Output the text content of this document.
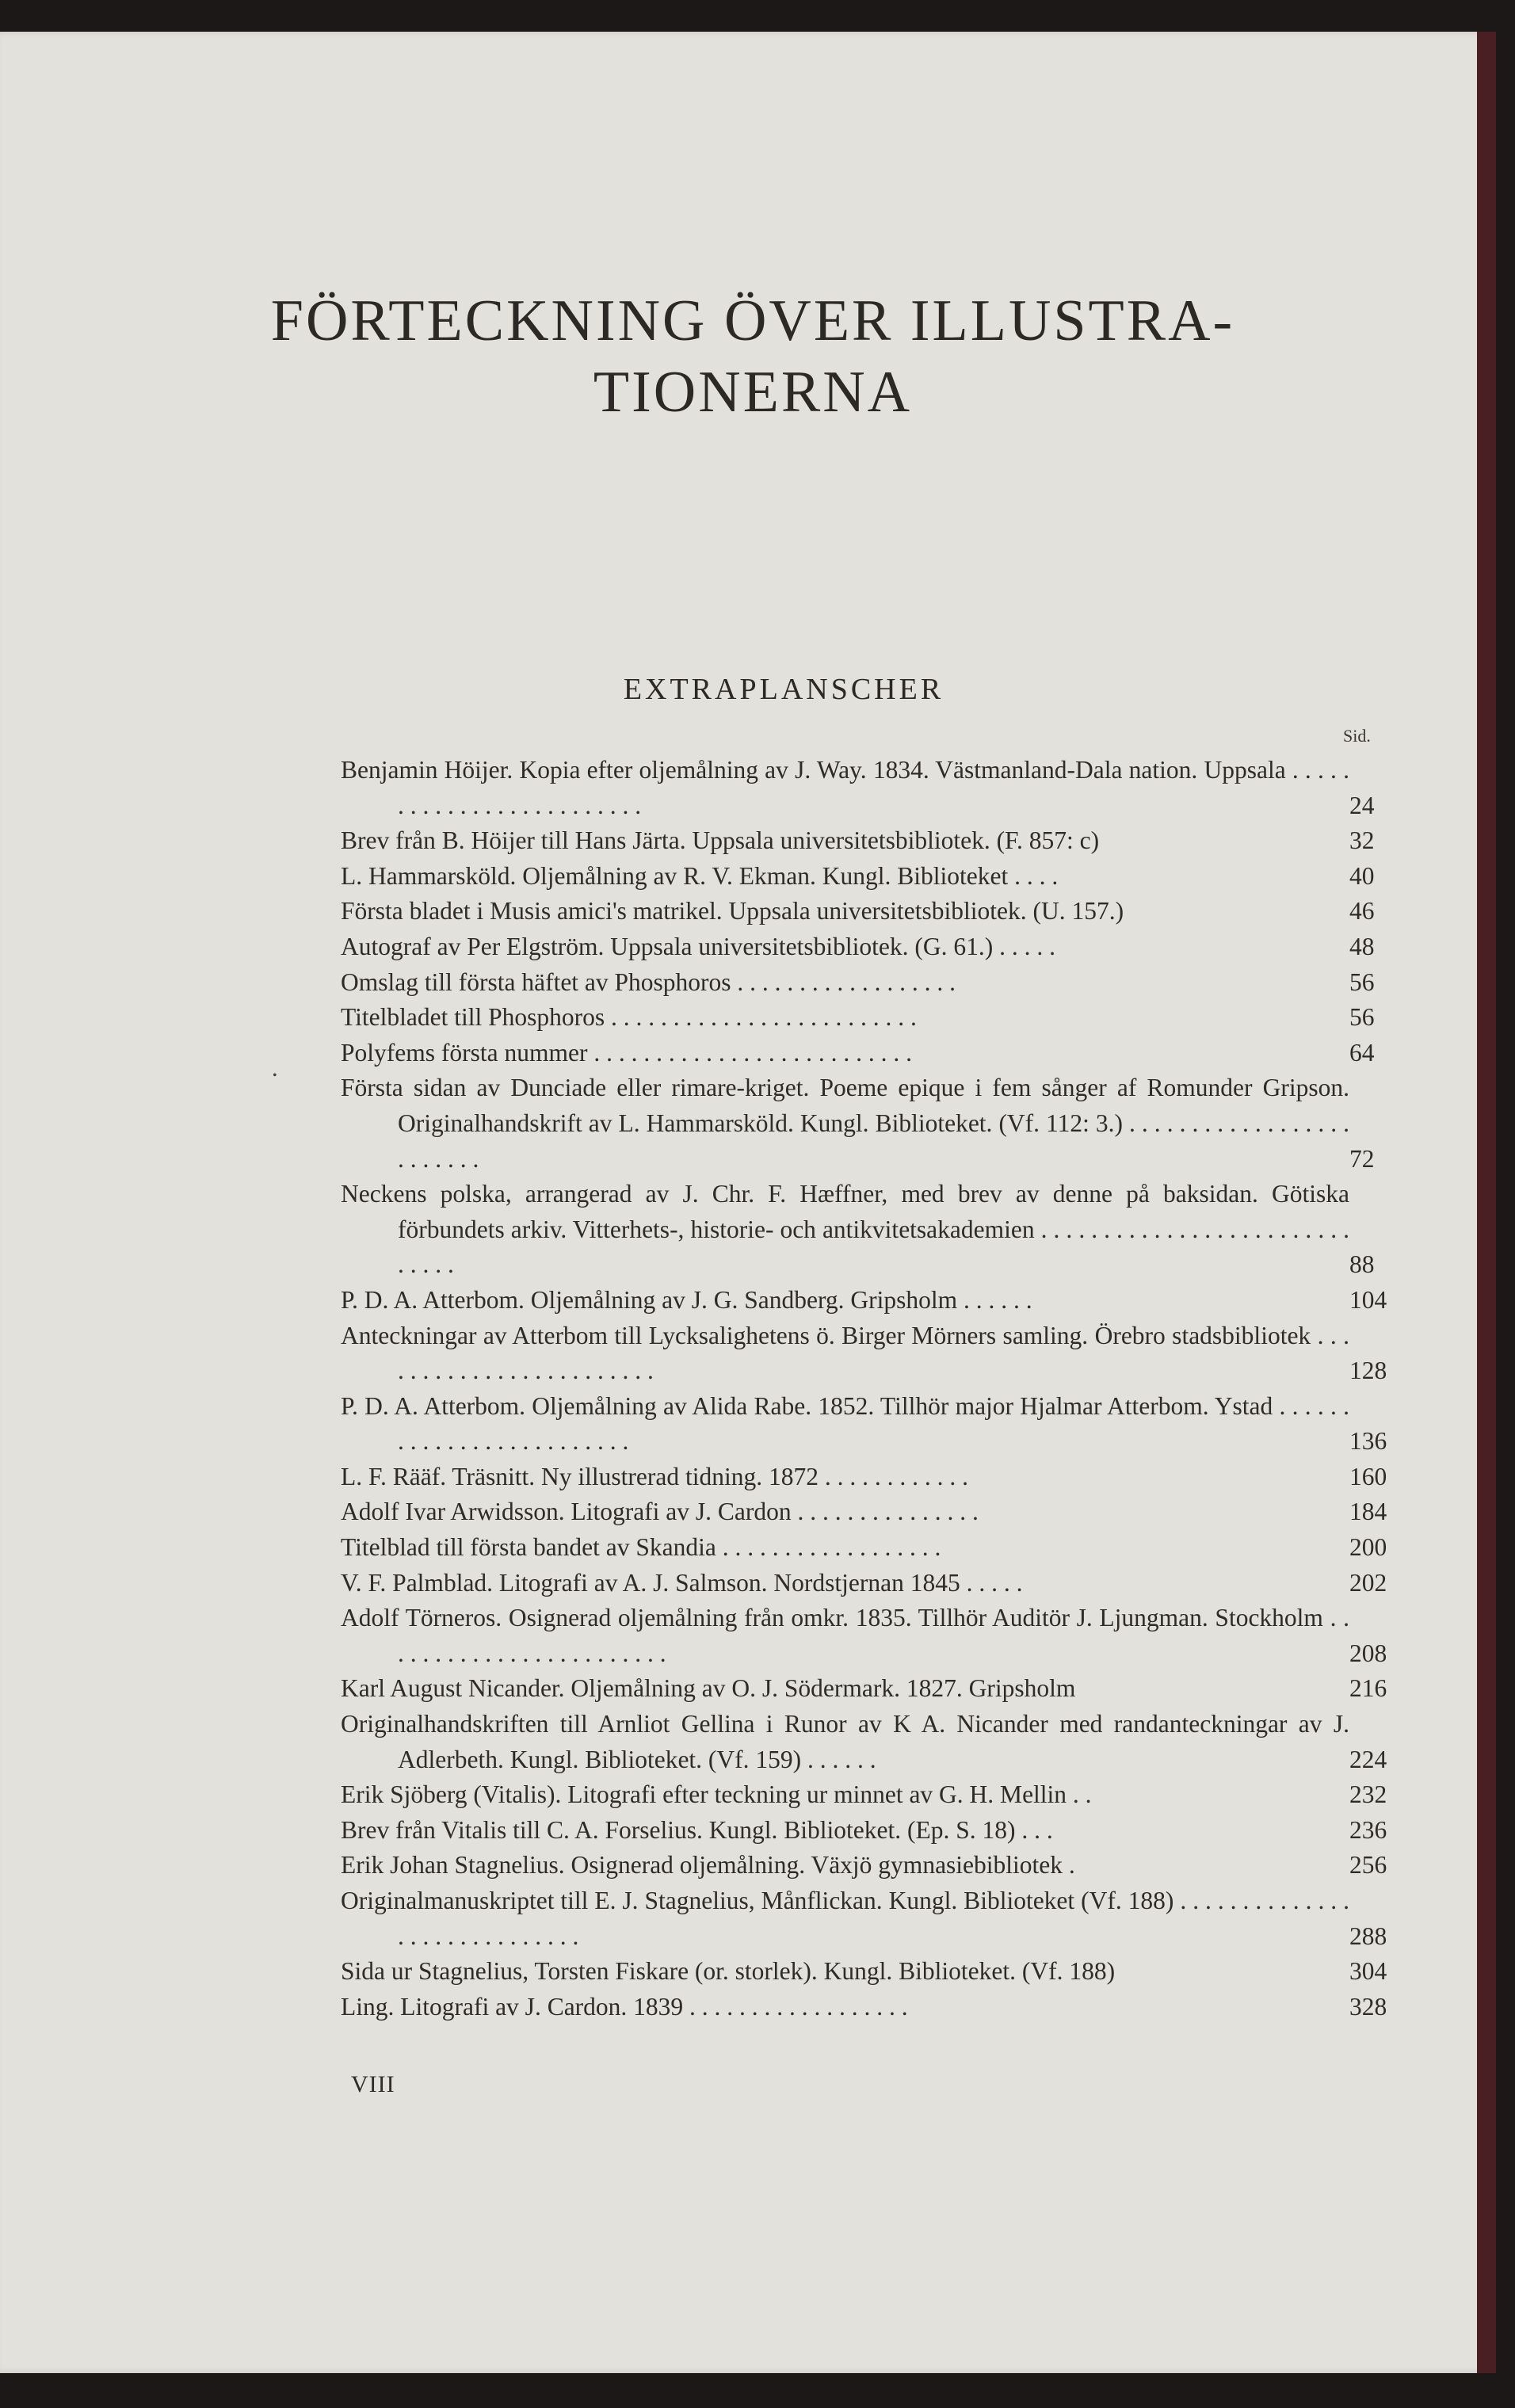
FÖRTECKNING ÖVER ILLUSTRA-
TIONERNA
EXTRAPLANSCHER
Sid.
•
Benjamin Höijer. Kopia efter oljemålning av J. Way. 1834. Västmanland-Dala nation. Uppsala . . . . . . . . . . . . . . . . . . . . . . . . .	24
Brev från B. Höijer till Hans Järta. Uppsala universitetsbibliotek. (F. 857: c)	32
L. Hammarsköld. Oljemålning av R. V. Ekman. Kungl. Biblioteket . . . .	40
Första bladet i Musis amici's matrikel. Uppsala universitetsbibliotek. (U. 157.)	46
Autograf av Per Elgström. Uppsala universitetsbibliotek. (G. 61.) . . . . .	48
Omslag till första häftet av Phosphoros . . . . . . . . . . . . . . . . . .	56
Titelbladet till Phosphoros . . . . . . . . . . . . . . . . . . . . . . . . .	56
Polyfems första nummer . . . . . . . . . . . . . . . . . . . . . . . . . .	64
Första sidan av Dunciade eller rimare-kriget. Poeme epique i fem sånger af Romunder Gripson. Originalhandskrift av L. Hammarsköld. Kungl. Biblioteket. (Vf. 112: 3.) . . . . . . . . . . . . . . . . . . . . . . . . .	72
Neckens polska, arrangerad av J. Chr. F. Hæffner, med brev av denne på baksidan. Götiska förbundets arkiv. Vitterhets-, historie- och antikvitetsakademien . . . . . . . . . . . . . . . . . . . . . . . . . . . . . .	88
P. D. A. Atterbom. Oljemålning av J. G. Sandberg. Gripsholm . . . . . .	104
Anteckningar av Atterbom till Lycksalighetens ö. Birger Mörners samling. Örebro stadsbibliotek . . . . . . . . . . . . . . . . . . . . . . . .	128
P. D. A. Atterbom. Oljemålning av Alida Rabe. 1852. Tillhör major Hjalmar Atterbom. Ystad . . . . . . . . . . . . . . . . . . . . . . . . .	136
L. F. Rääf. Träsnitt. Ny illustrerad tidning. 1872 . . . . . . . . . . . .	160
Adolf Ivar Arwidsson. Litografi av J. Cardon . . . . . . . . . . . . . . .	184
Titelblad till första bandet av Skandia . . . . . . . . . . . . . . . . . .	200
V. F. Palmblad. Litografi av A. J. Salmson. Nordstjernan 1845 . . . . .	202
Adolf Törneros. Osignerad oljemålning från omkr. 1835. Tillhör Auditör J. Ljungman. Stockholm . . . . . . . . . . . . . . . . . . . . . . . .	208
Karl August Nicander. Oljemålning av O. J. Södermark. 1827. Gripsholm	216
Originalhandskriften till Arnliot Gellina i Runor av K A. Nicander med randanteckningar av J. Adlerbeth. Kungl. Biblioteket. (Vf. 159) . . . . . .	224
Erik Sjöberg (Vitalis). Litografi efter teckning ur minnet av G. H. Mellin . .	232
Brev från Vitalis till C. A. Forselius. Kungl. Biblioteket. (Ep. S. 18) . . .	236
Erik Johan Stagnelius. Osignerad oljemålning. Växjö gymnasiebibliotek .	256
Originalmanuskriptet till E. J. Stagnelius, Månflickan. Kungl. Biblioteket (Vf. 188) . . . . . . . . . . . . . . . . . . . . . . . . . . . . .	288
Sida ur Stagnelius, Torsten Fiskare (or. storlek). Kungl. Biblioteket. (Vf. 188)	304
Ling. Litografi av J. Cardon. 1839 . . . . . . . . . . . . . . . . . .	328
VIII
